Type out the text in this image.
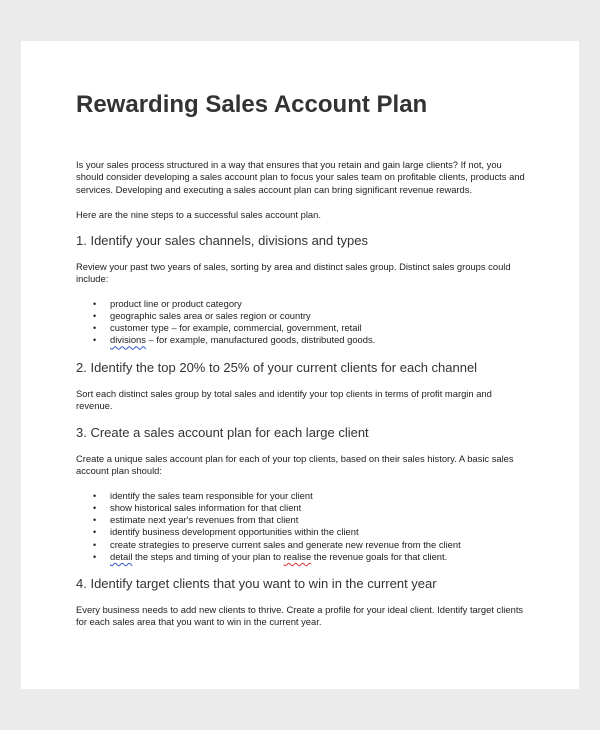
Rewarding Sales Account Plan

Is your sales process structured in a way that ensures that you retain and gain large clients? If not, you should consider developing a sales account plan to focus your sales team on profitable clients, products and services. Developing and executing a sales account plan can bring significant revenue rewards.

Here are the nine steps to a successful sales account plan.

1. Identify your sales channels, divisions and types

Review your past two years of sales, sorting by area and distinct sales group. Distinct sales groups could include:

• product line or product category
• geographic sales area or sales region or country
• customer type – for example, commercial, government, retail
• divisions – for example, manufactured goods, distributed goods.
2. Identify the top 20% to 25% of your current clients for each channel

Sort each distinct sales group by total sales and identify your top clients in terms of profit margin and revenue.

3. Create a sales account plan for each large client

Create a unique sales account plan for each of your top clients, based on their sales history. A basic sales account plan should:

• identify the sales team responsible for your client
• show historical sales information for that client
• estimate next year's revenues from that client
• identify business development opportunities within the client
• create strategies to preserve current sales and generate new revenue from the client
• detail the steps and timing of your plan to realise the revenue goals for that client.
4. Identify target clients that you want to win in the current year

Every business needs to add new clients to thrive. Create a profile for your ideal client. Identify target clients for each sales area that you want to win in the current year.
